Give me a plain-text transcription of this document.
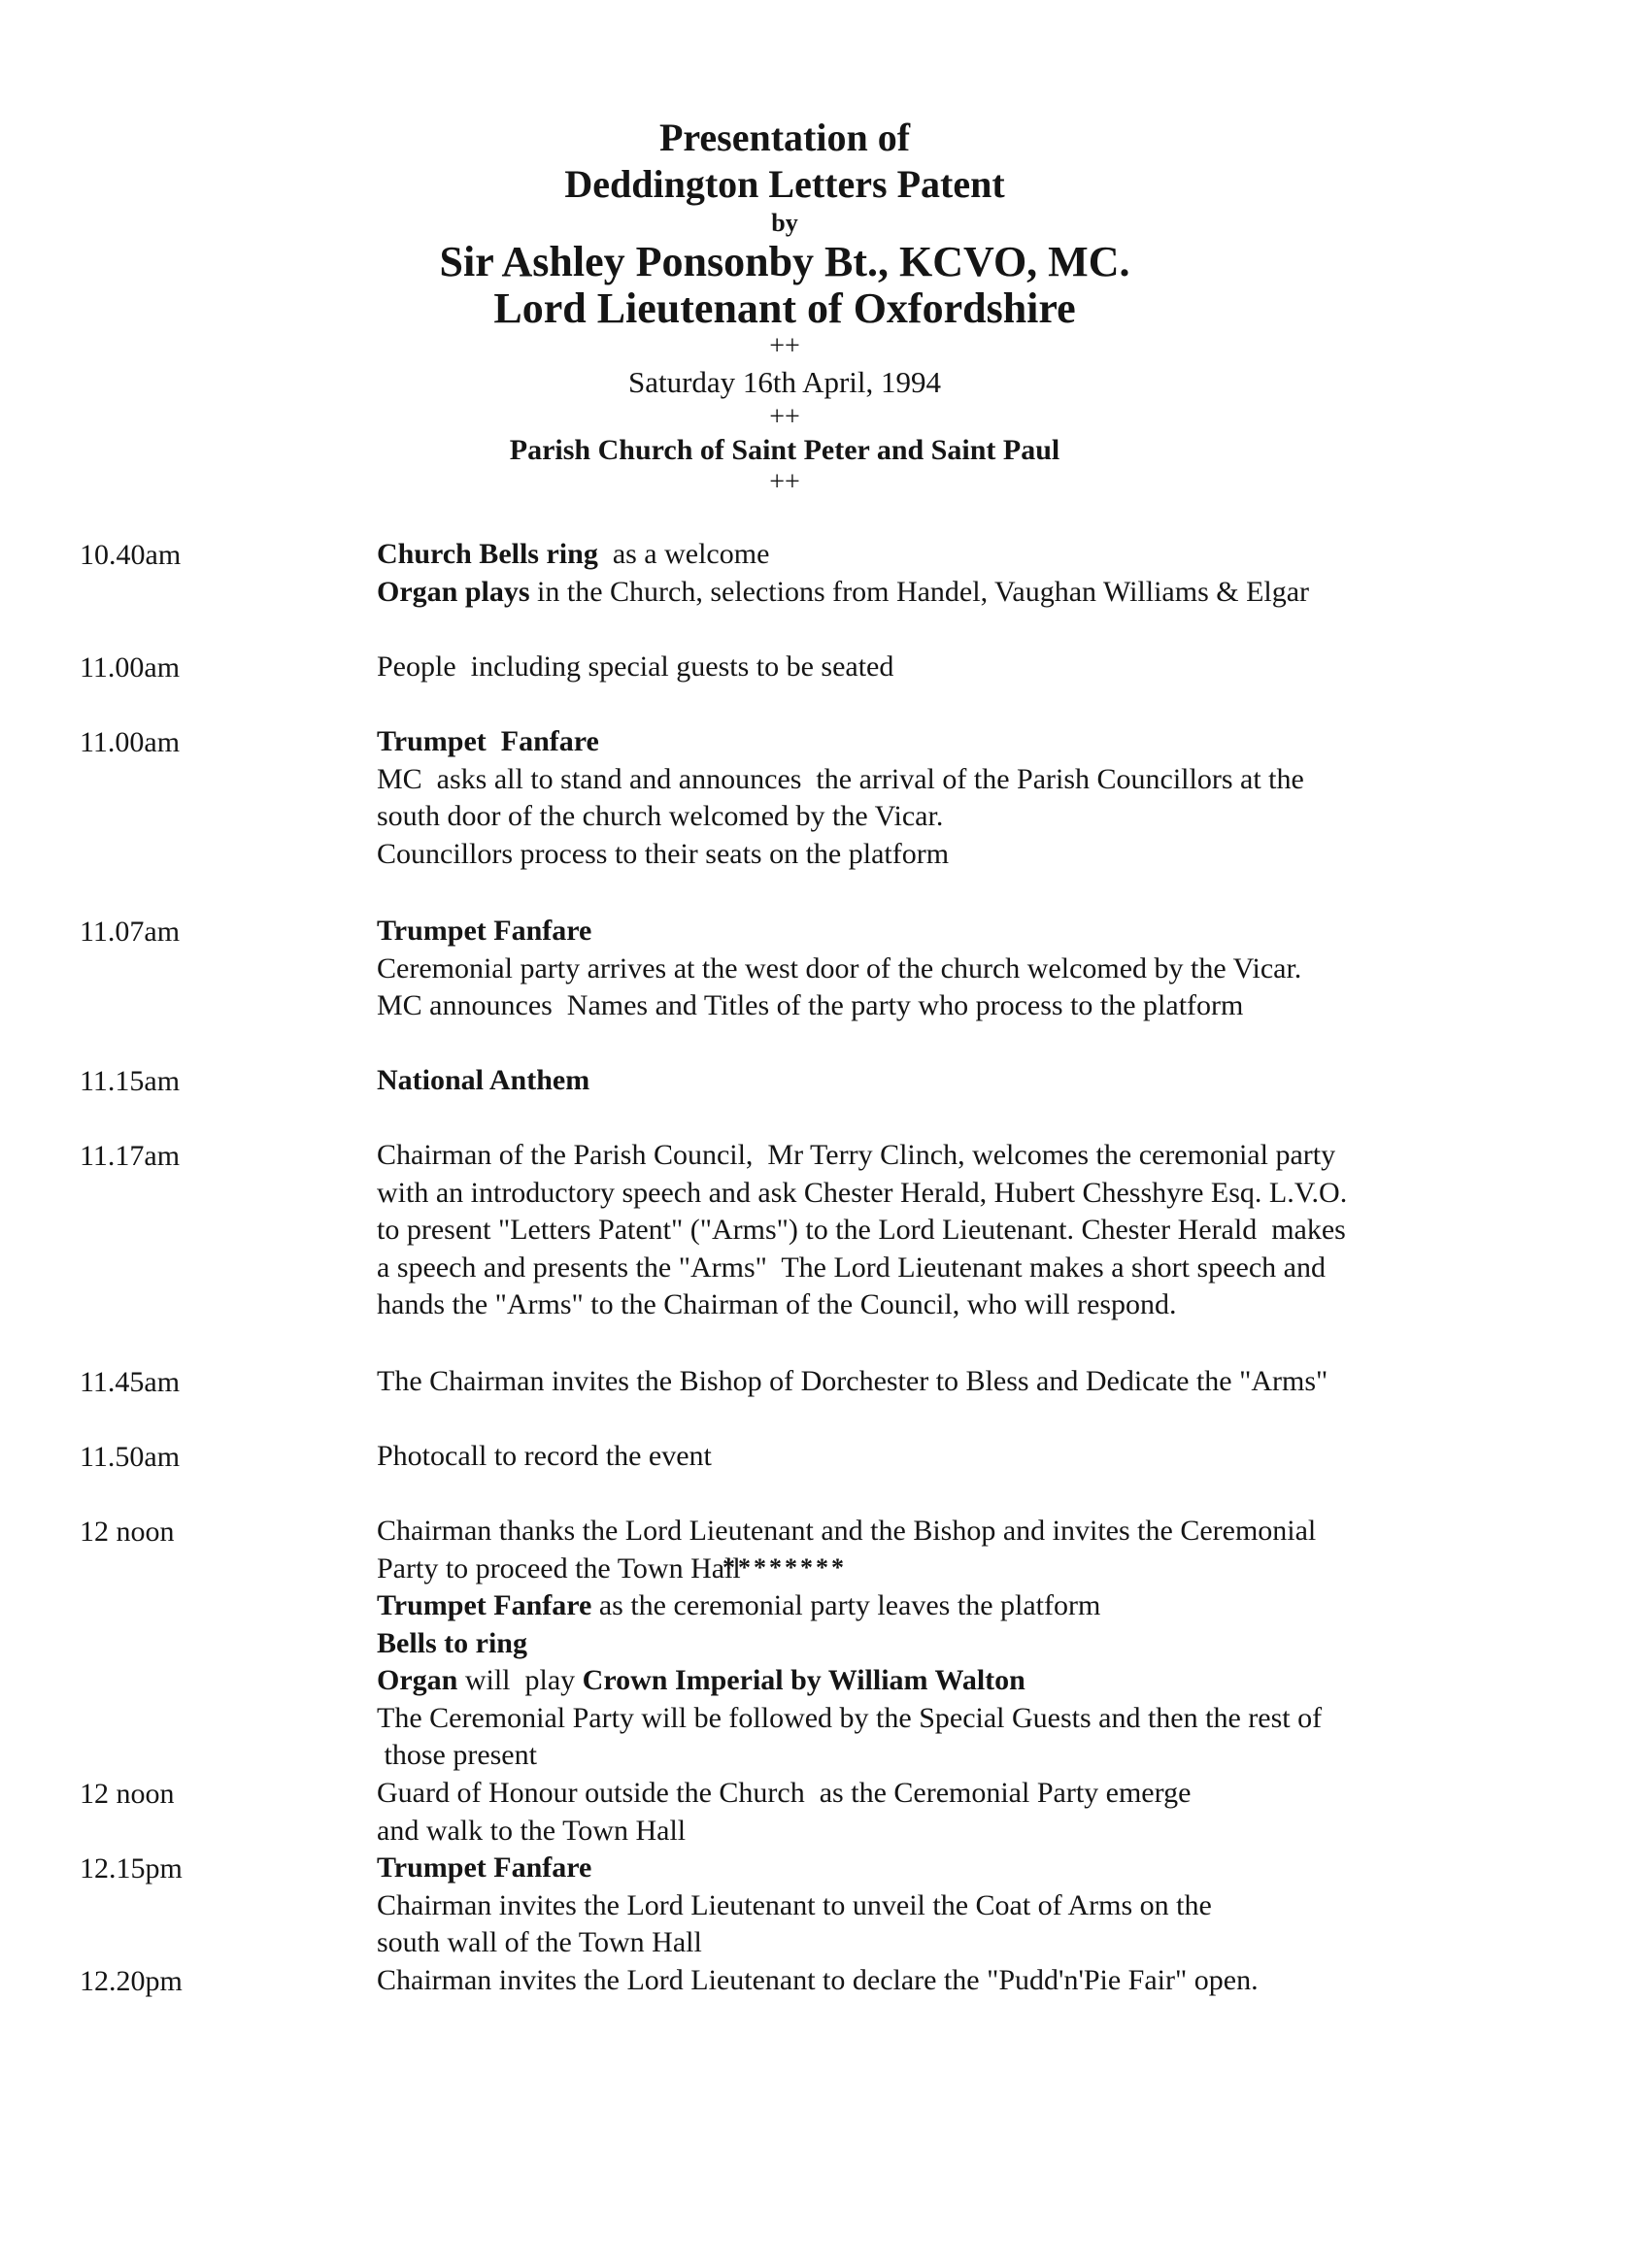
Presentation of
Deddington Letters Patent
by
Sir Ashley Ponsonby Bt., KCVO, MC.
Lord Lieutenant of Oxfordshire
++
Saturday 16th April, 1994
++
Parish Church of Saint Peter and Saint Paul
++
10.40am	Church Bells ring  as a welcome
Organ plays in the Church, selections from Handel, Vaughan Williams & Elgar
11.00am	People  including special guests to be seated
11.00am	Trumpet  Fanfare
MC  asks all to stand and announces  the arrival of the Parish Councillors at the
south door of the church welcomed by the Vicar.
Councillors process to their seats on the platform
11.07am	Trumpet Fanfare
Ceremonial party arrives at the west door of the church welcomed by the Vicar.
MC announces  Names and Titles of the party who process to the platform
11.15am	National Anthem
11.17am	Chairman of the Parish Council,  Mr Terry Clinch, welcomes the ceremonial party
with an introductory speech and ask Chester Herald, Hubert Chesshyre Esq. L.V.O.
to present "Letters Patent" ("Arms") to the Lord Lieutenant. Chester Herald  makes
a speech and presents the "Arms"  The Lord Lieutenant makes a short speech and
hands the "Arms" to the Chairman of the Council, who will respond.
11.45am	The Chairman invites the Bishop of Dorchester to Bless and Dedicate the "Arms"
11.50am	Photocall to record the event
12 noon	Chairman thanks the Lord Lieutenant and the Bishop and invites the Ceremonial
Party to proceed the Town Hall
Trumpet Fanfare as the ceremonial party leaves the platform
Bells to ring
Organ will  play Crown Imperial by William Walton
The Ceremonial Party will be followed by the Special Guests and then the rest of
those present
12 noon	Guard of Honour outside the Church  as the Ceremonial Party emerge
and walk to the Town Hall
12.15pm	Trumpet Fanfare
Chairman invites the Lord Lieutenant to unveil the Coat of Arms on the
south wall of the Town Hall
12.20pm	Chairman invites the Lord Lieutenant to declare the "Pudd'n'Pie Fair" open.
********
